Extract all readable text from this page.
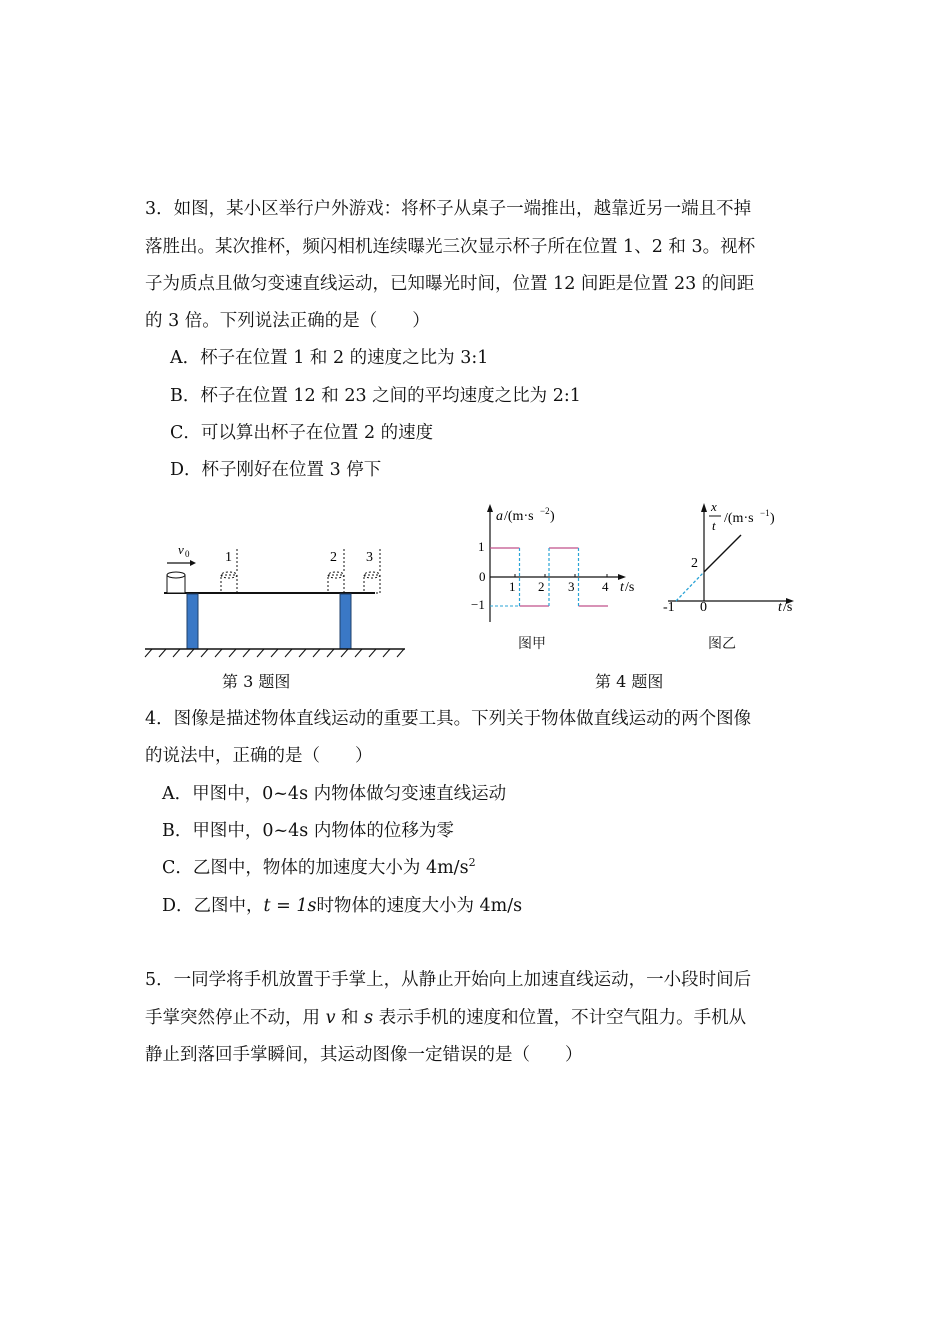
3．如图，某小区举行户外游戏：将杯子从桌子一端推出，越靠近另一端且不掉
落胜出。某次推杯，频闪相机连续曝光三次显示杯子所在位置 1、2 和 3。视杯
子为质点且做匀变速直线运动，已知曝光时间，位置 12 间距是位置 23 的间距
的 3 倍。下列说法正确的是（　　）
A．杯子在位置 1 和 2 的速度之比为 3:1
B．杯子在位置 12 和 23 之间的平均速度之比为 2:1
C．可以算出杯子在位置 2 的速度
D．杯子刚好在位置 3 停下
v 0	1	2 3
第 3 题图
a /(m·s −2 )
1
0
−1
1 2 3 4 t /s
图甲
x
t /(m·s −1 )
2
-1 0	t /s
图乙
第 4 题图
4．图像是描述物体直线运动的重要工具。下列关于物体做直线运动的两个图像
的说法中，正确的是（　　）
A．甲图中，0~4s 内物体做匀变速直线运动
B．甲图中，0~4s 内物体的位移为零
C．乙图中，物体的加速度大小为 $4m/s^2$
D．乙图中，t = 1s时物体的速度大小为 4m/s
5．一同学将手机放置于手掌上，从静止开始向上加速直线运动，一小段时间后
手掌突然停止不动，用 v 和 s 表示手机的速度和位置，不计空气阻力。手机从
静止到落回手掌瞬间，其运动图像一定错误的是（　　）
